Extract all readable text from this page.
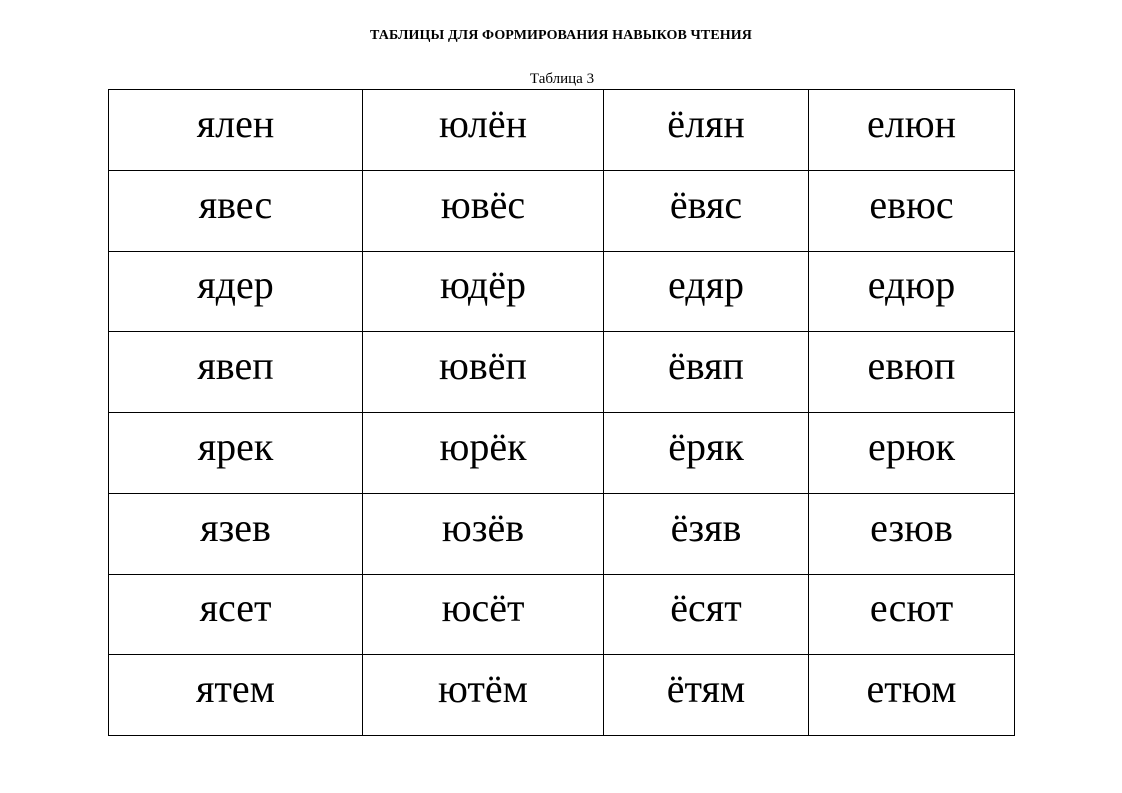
ТАБЛИЦЫ ДЛЯ ФОРМИРОВАНИЯ НАВЫКОВ ЧТЕНИЯ
Таблица 3
ялен	юлён	ёлян	елюн
явес	ювёс	ёвяс	евюс
ядер	юдёр	едяр	едюр
явеп	ювёп	ёвяп	евюп
ярек	юрёк	ёряк	ерюк
язев	юзёв	ёзяв	езюв
ясет	юсёт	ёсят	есют
ятем	ютём	ётям	етюм
